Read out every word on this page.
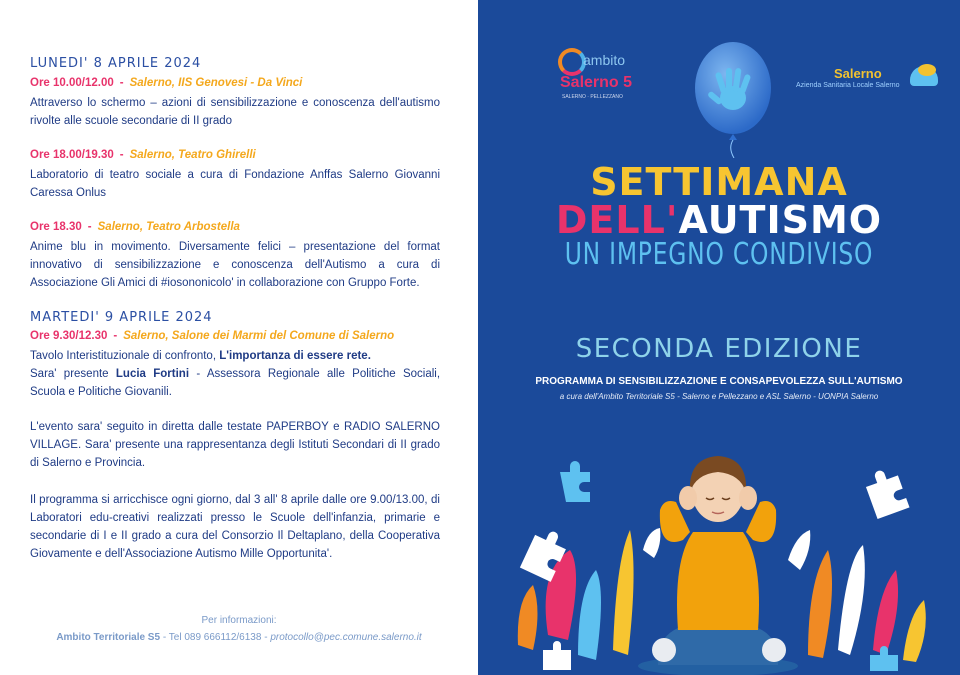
LUNEDI' 8 APRILE 2024
Ore 10.00/12.00 - Salerno, IIS Genovesi - Da Vinci
Attraverso lo schermo – azioni di sensibilizzazione e conoscenza dell'autismo rivolte alle scuole secondarie di II grado
Ore 18.00/19.30 - Salerno, Teatro Ghirelli
Laboratorio di teatro sociale a cura di Fondazione Anffas Salerno Giovanni Caressa Onlus
Ore 18.30 - Salerno, Teatro Arbostella
Anime blu in movimento. Diversamente felici – presentazione del format innovativo di sensibilizzazione e conoscenza dell'Autismo a cura di Associazione Gli Amici di #iosononicolo' in collaborazione con Gruppo Forte.
MARTEDI' 9 APRILE 2024
Ore 9.30/12.30 - Salerno, Salone dei Marmi del Comune di Salerno
Tavolo Interistituzionale di confronto, L'importanza di essere rete.
Sara' presente Lucia Fortini - Assessora Regionale alle Politiche Sociali, Scuola e Politiche Giovanili.
L'evento sara' seguito in diretta dalle testate PAPERBOY e RADIO SALERNO VILLAGE. Sara' presente una rappresentanza degli Istituti Secondari di II grado di Salerno e Provincia.
Il programma si arricchisce ogni giorno, dal 3 all' 8 aprile dalle ore 9.00/13.00, di Laboratori edu-creativi realizzati presso le Scuole dell'infanzia, primarie e secondarie di I e II grado a cura del Consorzio Il Deltaplano, della Cooperativa Giovamente e dell'Associazione Autismo Mille Opportunita'.
Per informazioni:
Ambito Territoriale S5 - Tel 089 666112/6138 - protocollo@pec.comune.salerno.it
ambito
Salerno 5
SALERNO · PELLEZZANO
Salerno
Azienda Sanitaria Locale Salerno
SETTIMANA
DELL'AUTISMO
UN IMPEGNO CONDIVISO
SECONDA EDIZIONE
PROGRAMMA DI SENSIBILIZZAZIONE E CONSAPEVOLEZZA SULL'AUTISMO
a cura dell'Ambito Territoriale S5 - Salerno e Pellezzano e ASL Salerno - UONPIA Salerno
